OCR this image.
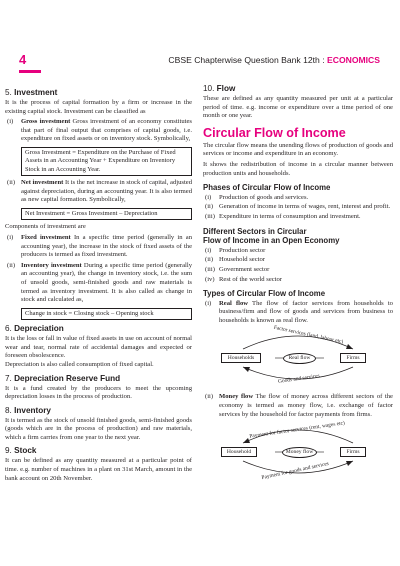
4	CBSE Chapterwise Question Bank 12th : ECONOMICS
5. Investment

It is the process of capital formation by a firm or increase in the existing capital stock. Investment can be classified as

(i)	Gross investment Gross investment of an economy constitutes that part of final output that comprises of capital goods, i.e. expenditure on fixed assets or on inventory stock. Symbolically,
Gross Investment = Expenditure on the Purchase of Fixed Assets in an Accounting Year + Expenditure on Inventory Stock in an Accounting Year.
(ii) Net investment It is the net increase in stock of capital, adjusted against depreciation, during an accounting year. It is also termed as new capital formation. Symbolically,
Net Investment = Gross Investment – Depreciation

Components of investment are

(i)	Fixed investment In a specific time period (generally in an accounting year), the increase in the stock of fixed assets of the producers is termed as fixed investment.
(ii) Inventory investment During a specific time period (generally an accounting year), the change in inventory stock, i.e. the sum of unsold goods, semi-finished goods and raw materials is termed as inventory investment. It is also called as change in stock and calculated as,
Change in stock = Closing stock – Opening stock
6. Depreciation

It is the loss or fall in value of fixed assets in use on account of normal wear and tear, normal rate of accidental damages and expected or foreseen obsolescence.

Depreciation is also called consumption of fixed capital.

7. Depreciation Reserve Fund

It is a fund created by the producers to meet the upcoming depreciation losses in the process of production.

8. Inventory

It is termed as the stock of unsold finished goods, semi-finished goods (goods which are in the process of production) and raw materials, which a firm carries from one year to the next year.

9. Stock

It can be defined as any quantity measured at a particular point of time. e.g. number of machines in a plant on 31st March, amount in the bank account on 20th November.

10. Flow

These are defined as any quantity measured per unit at a particular period of time. e.g. income or expenditure over a time period of one month or one year.

Circular Flow of Income

The circular flow means the unending flows of production of goods and services or income and expenditure in an economy.

It shows the redistribution of income in a circular manner between production units and households.

Phases of Circular Flow of Income
(i)	Production of goods and services.
(ii) Generation of income in terms of wages, rent, interest and profit.
(iii) Expenditure in terms of consumption and investment.
Different Sectors in Circular
Flow of Income in an Open Economy
(i)	Production sector
(ii) Household sector
(iii) Government sector
(iv) Rest of the world sector
Types of Circular Flow of Income
(i)	Real flow The flow of factor services from households to business/firm and flow of goods and services from business to households is known as real flow.
Factor services (land, labour etc)
Households	Real flow	Firms
Goods and services
(ii) Money flow The flow of money across different sectors of the economy is termed as money flow, i.e. exchange of factor services by the household for factor payments from firms.
Payment for factor services (rent, wages etc)
Household	Money flow	Firms
Payment for goods and services
